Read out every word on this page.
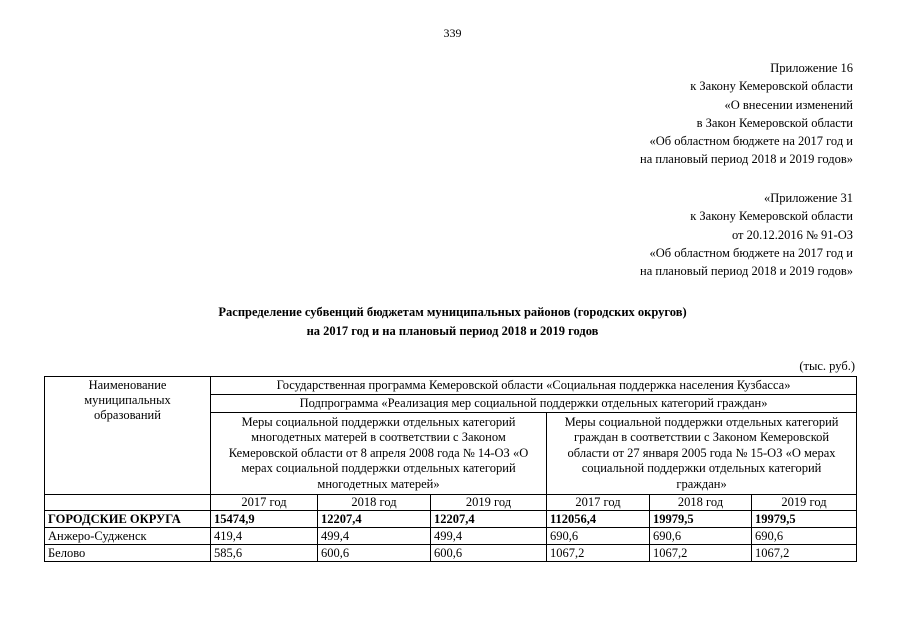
339
Приложение 16
к Закону Кемеровской области
«О внесении изменений
в Закон Кемеровской области
«Об областном бюджете на 2017 год и
на плановый период 2018 и 2019 годов»
«Приложение 31
к Закону Кемеровской области
от 20.12.2016 № 91-ОЗ
«Об областном бюджете на 2017 год и
на плановый период 2018 и 2019 годов»
Распределение субвенций бюджетам муниципальных районов (городских округов)
на 2017 год и на плановый период 2018 и 2019 годов
(тыс. руб.)
Наименование муниципальных образований	Государственная программа Кемеровской области «Социальная поддержка населения Кузбасса»					
	Подпрограмма «Реализация мер социальной поддержки отдельных категорий граждан»					
	Меры социальной поддержки отдельных категорий многодетных матерей в соответствии с Законом Кемеровской области от 8 апреля 2008 года № 14-ОЗ «О мерах социальной поддержки отдельных категорий многодетных матерей»			Меры социальной поддержки отдельных категорий граждан в соответствии с Законом Кемеровской области от 27 января 2005 года № 15-ОЗ «О мерах социальной поддержки отдельных категорий граждан»		
	2017 год	2018 год	2019 год	2017 год	2018 год	2019 год
ГОРОДСКИЕ ОКРУГА	15474,9	12207,4	12207,4	112056,4	19979,5	19979,5
Анжеро-Судженск	419,4	499,4	499,4	690,6	690,6	690,6
Белово	585,6	600,6	600,6	1067,2	1067,2	1067,2
